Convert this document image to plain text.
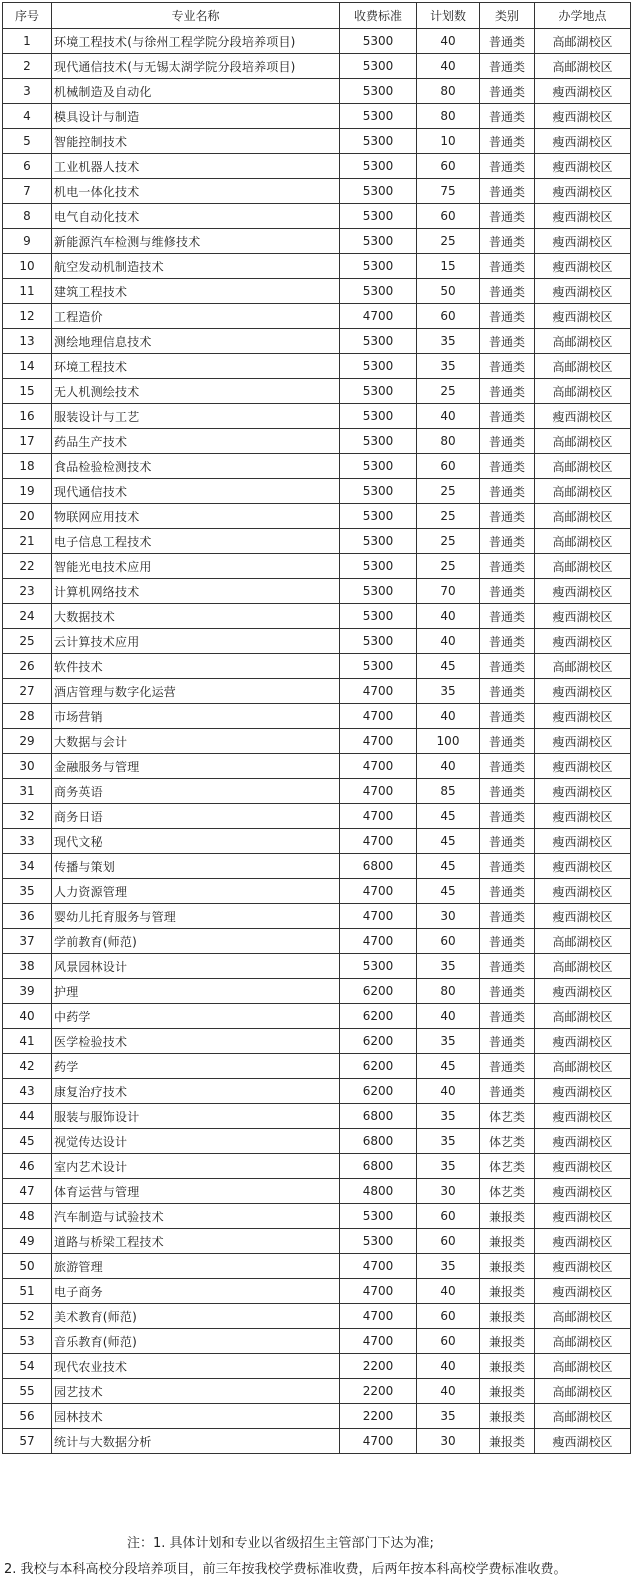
序号	专业名称	收费标准	计划数	类别	办学地点
1	环境工程技术(与徐州工程学院分段培养项目)	5300	40	普通类	高邮湖校区
2	现代通信技术(与无锡太湖学院分段培养项目)	5300	40	普通类	高邮湖校区
3	机械制造及自动化	5300	80	普通类	瘦西湖校区
4	模具设计与制造	5300	80	普通类	瘦西湖校区
5	智能控制技术	5300	10	普通类	瘦西湖校区
6	工业机器人技术	5300	60	普通类	瘦西湖校区
7	机电一体化技术	5300	75	普通类	瘦西湖校区
8	电气自动化技术	5300	60	普通类	瘦西湖校区
9	新能源汽车检测与维修技术	5300	25	普通类	瘦西湖校区
10	航空发动机制造技术	5300	15	普通类	瘦西湖校区
11	建筑工程技术	5300	50	普通类	瘦西湖校区
12	工程造价	4700	60	普通类	瘦西湖校区
13	测绘地理信息技术	5300	35	普通类	高邮湖校区
14	环境工程技术	5300	35	普通类	高邮湖校区
15	无人机测绘技术	5300	25	普通类	高邮湖校区
16	服装设计与工艺	5300	40	普通类	瘦西湖校区
17	药品生产技术	5300	80	普通类	高邮湖校区
18	食品检验检测技术	5300	60	普通类	高邮湖校区
19	现代通信技术	5300	25	普通类	高邮湖校区
20	物联网应用技术	5300	25	普通类	高邮湖校区
21	电子信息工程技术	5300	25	普通类	高邮湖校区
22	智能光电技术应用	5300	25	普通类	高邮湖校区
23	计算机网络技术	5300	70	普通类	瘦西湖校区
24	大数据技术	5300	40	普通类	瘦西湖校区
25	云计算技术应用	5300	40	普通类	瘦西湖校区
26	软件技术	5300	45	普通类	高邮湖校区
27	酒店管理与数字化运营	4700	35	普通类	瘦西湖校区
28	市场营销	4700	40	普通类	瘦西湖校区
29	大数据与会计	4700	100	普通类	瘦西湖校区
30	金融服务与管理	4700	40	普通类	瘦西湖校区
31	商务英语	4700	85	普通类	瘦西湖校区
32	商务日语	4700	45	普通类	瘦西湖校区
33	现代文秘	4700	45	普通类	瘦西湖校区
34	传播与策划	6800	45	普通类	瘦西湖校区
35	人力资源管理	4700	45	普通类	瘦西湖校区
36	婴幼儿托育服务与管理	4700	30	普通类	瘦西湖校区
37	学前教育(师范)	4700	60	普通类	高邮湖校区
38	风景园林设计	5300	35	普通类	高邮湖校区
39	护理	6200	80	普通类	瘦西湖校区
40	中药学	6200	40	普通类	高邮湖校区
41	医学检验技术	6200	35	普通类	瘦西湖校区
42	药学	6200	45	普通类	高邮湖校区
43	康复治疗技术	6200	40	普通类	瘦西湖校区
44	服装与服饰设计	6800	35	体艺类	瘦西湖校区
45	视觉传达设计	6800	35	体艺类	瘦西湖校区
46	室内艺术设计	6800	35	体艺类	瘦西湖校区
47	体育运营与管理	4800	30	体艺类	瘦西湖校区
48	汽车制造与试验技术	5300	60	兼报类	瘦西湖校区
49	道路与桥梁工程技术	5300	60	兼报类	瘦西湖校区
50	旅游管理	4700	35	兼报类	瘦西湖校区
51	电子商务	4700	40	兼报类	瘦西湖校区
52	美术教育(师范)	4700	60	兼报类	高邮湖校区
53	音乐教育(师范)	4700	60	兼报类	高邮湖校区
54	现代农业技术	2200	40	兼报类	高邮湖校区
55	园艺技术	2200	40	兼报类	高邮湖校区
56	园林技术	2200	35	兼报类	高邮湖校区
57	统计与大数据分析	4700	30	兼报类	瘦西湖校区
注：1. 具体计划和专业以省级招生主管部门下达为准;
2. 我校与本科高校分段培养项目，前三年按我校学费标准收费，后两年按本科高校学费标准收费。
